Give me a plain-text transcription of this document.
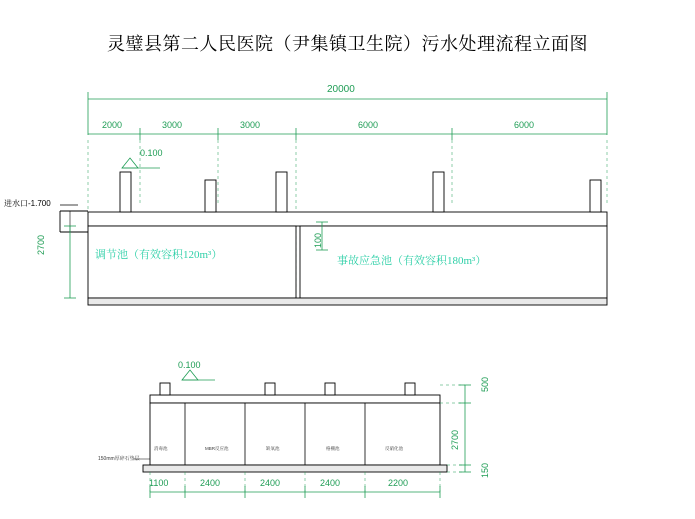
灵璧县第二人民医院（尹集镇卫生院）污水处理流程立面图
20000
2000	3000	3000	6000	6000
0.100
进水口-1.700
2700	100
调节池（有效容积120m³）	事故应急池（有效容积180m³）
0.100
150mm厚碎石垫层
消毒池	MBR反应池	缺氧池	格栅池	反硝化池
1100	2400	2400	2400	2200
500
2700
150
